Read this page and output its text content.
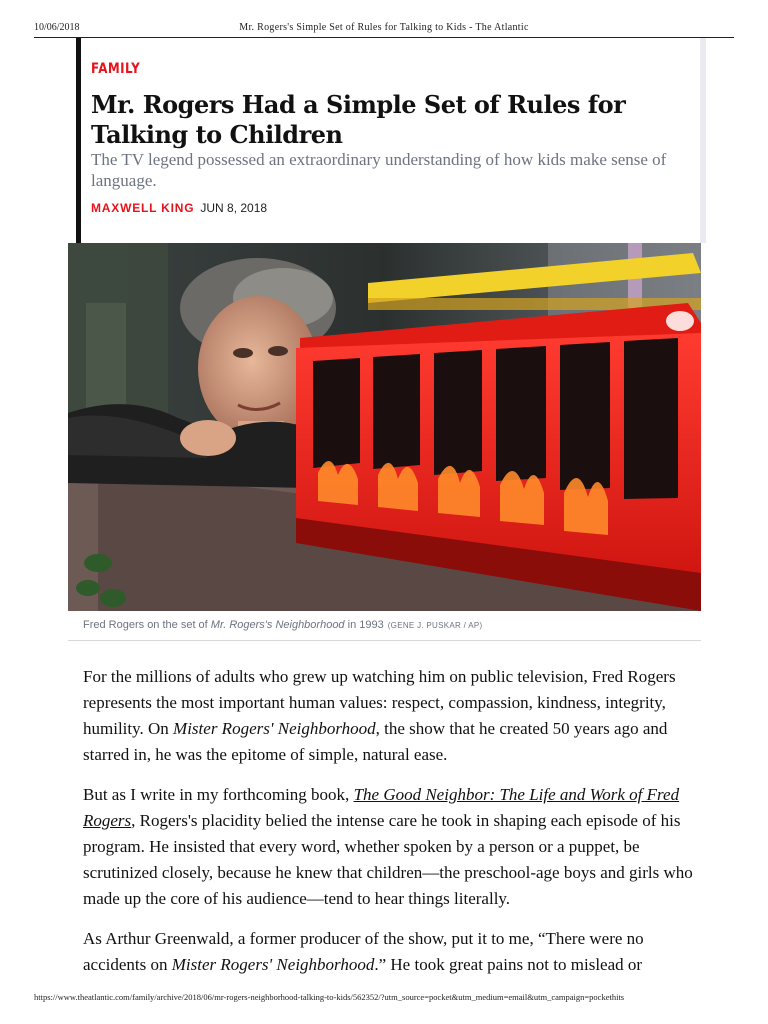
10/06/2018	Mr. Rogers's Simple Set of Rules for Talking to Kids - The Atlantic
FAMILY
Mr. Rogers Had a Simple Set of Rules for Talking to Children

The TV legend possessed an extraordinary understanding of how kids make sense of language.

MAXWELL KING JUN 8, 2018
Fred Rogers on the set of Mr. Rogers's Neighborhood in 1993 (GENE J. PUSKAR / AP)

For the millions of adults who grew up watching him on public television, Fred Rogers represents the most important human values: respect, compassion, kindness, integrity, humility. On Mister Rogers' Neighborhood, the show that he created 50 years ago and starred in, he was the epitome of simple, natural ease.

But as I write in my forthcoming book, The Good Neighbor: The Life and Work of Fred Rogers, Rogers's placidity belied the intense care he took in shaping each episode of his program. He insisted that every word, whether spoken by a person or a puppet, be scrutinized closely, because he knew that children—the preschool-age boys and girls who made up the core of his audience—tend to hear things literally.

As Arthur Greenwald, a former producer of the show, put it to me, “There were no accidents on Mister Rogers' Neighborhood.” He took great pains not to mislead or

https://www.theatlantic.com/family/archive/2018/06/mr-rogers-neighborhood-talking-to-kids/562352/?utm_source=pocket&utm_medium=email&utm_campaign=pockethits
